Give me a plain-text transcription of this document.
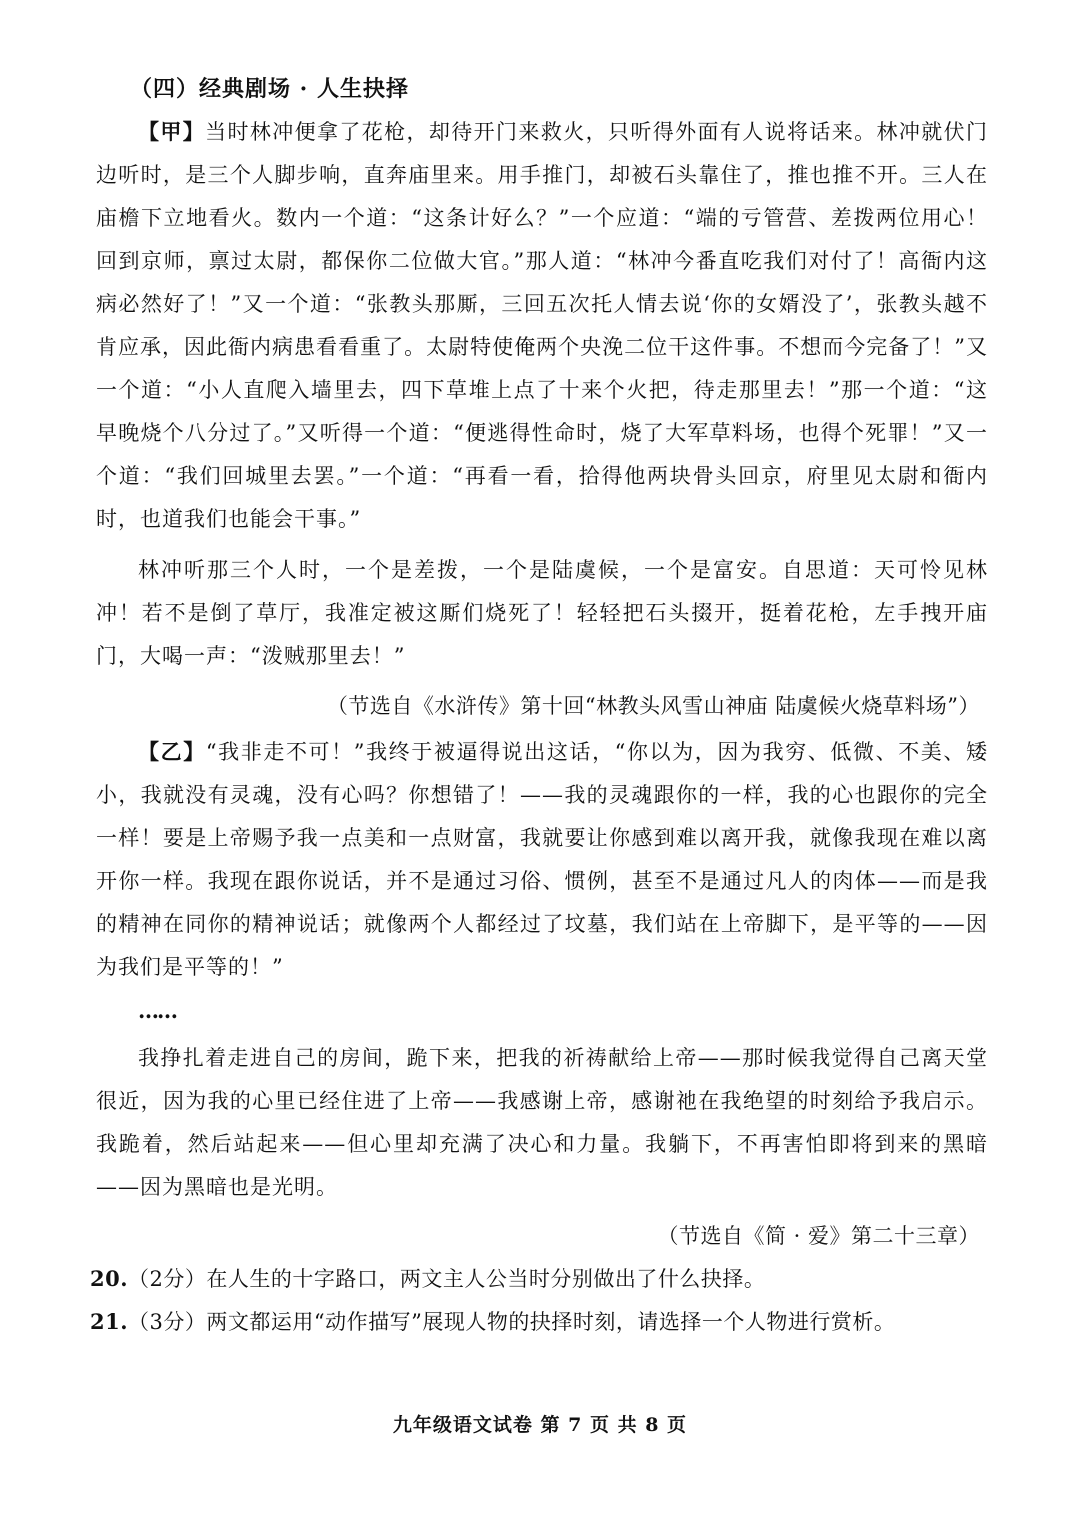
（四）经典剧场 · 人生抉择

【甲】当时林冲便拿了花枪，却待开门来救火，只听得外面有人说将话来。林冲就伏门边听时，是三个人脚步响，直奔庙里来。用手推门，却被石头靠住了，推也推不开。三人在庙檐下立地看火。数内一个道：“这条计好么？”一个应道：“端的亏管营、差拨两位用心！回到京师，禀过太尉，都保你二位做大官。”那人道：“林冲今番直吃我们对付了！高衙内这病必然好了！”又一个道：“张教头那厮，三回五次托人情去说‘你的女婿没了’，张教头越不肯应承，因此衙内病患看看重了。太尉特使俺两个央浼二位干这件事。不想而今完备了！”又一个道：“小人直爬入墙里去，四下草堆上点了十来个火把，待走那里去！”那一个道：“这早晚烧个八分过了。”又听得一个道：“便逃得性命时，烧了大军草料场，也得个死罪！”又一个道：“我们回城里去罢。”一个道：“再看一看，拾得他两块骨头回京，府里见太尉和衙内时，也道我们也能会干事。”

林冲听那三个人时，一个是差拨，一个是陆虞候，一个是富安。自思道：天可怜见林冲！若不是倒了草厅，我准定被这厮们烧死了！轻轻把石头掇开，挺着花枪，左手拽开庙门，大喝一声：“泼贼那里去！”

（节选自《水浒传》第十回“林教头风雪山神庙 陆虞候火烧草料场”）

【乙】“我非走不可！”我终于被逼得说出这话，“你以为，因为我穷、低微、不美、矮小，我就没有灵魂，没有心吗？你想错了！——我的灵魂跟你的一样，我的心也跟你的完全一样！要是上帝赐予我一点美和一点财富，我就要让你感到难以离开我，就像我现在难以离开你一样。我现在跟你说话，并不是通过习俗、惯例，甚至不是通过凡人的肉体——而是我的精神在同你的精神说话；就像两个人都经过了坟墓，我们站在上帝脚下，是平等的——因为我们是平等的！”

……

我挣扎着走进自己的房间，跪下来，把我的祈祷献给上帝——那时候我觉得自己离天堂很近，因为我的心里已经住进了上帝——我感谢上帝，感谢祂在我绝望的时刻给予我启示。我跪着，然后站起来——但心里却充满了决心和力量。我躺下，不再害怕即将到来的黑暗——因为黑暗也是光明。

（节选自《简 · 爱》第二十三章）
20.（2分）在人生的十字路口，两文主人公当时分别做出了什么抉择。
21.（3分）两文都运用“动作描写”展现人物的抉择时刻，请选择一个人物进行赏析。
九年级语文试卷 第 7 页 共 8 页
